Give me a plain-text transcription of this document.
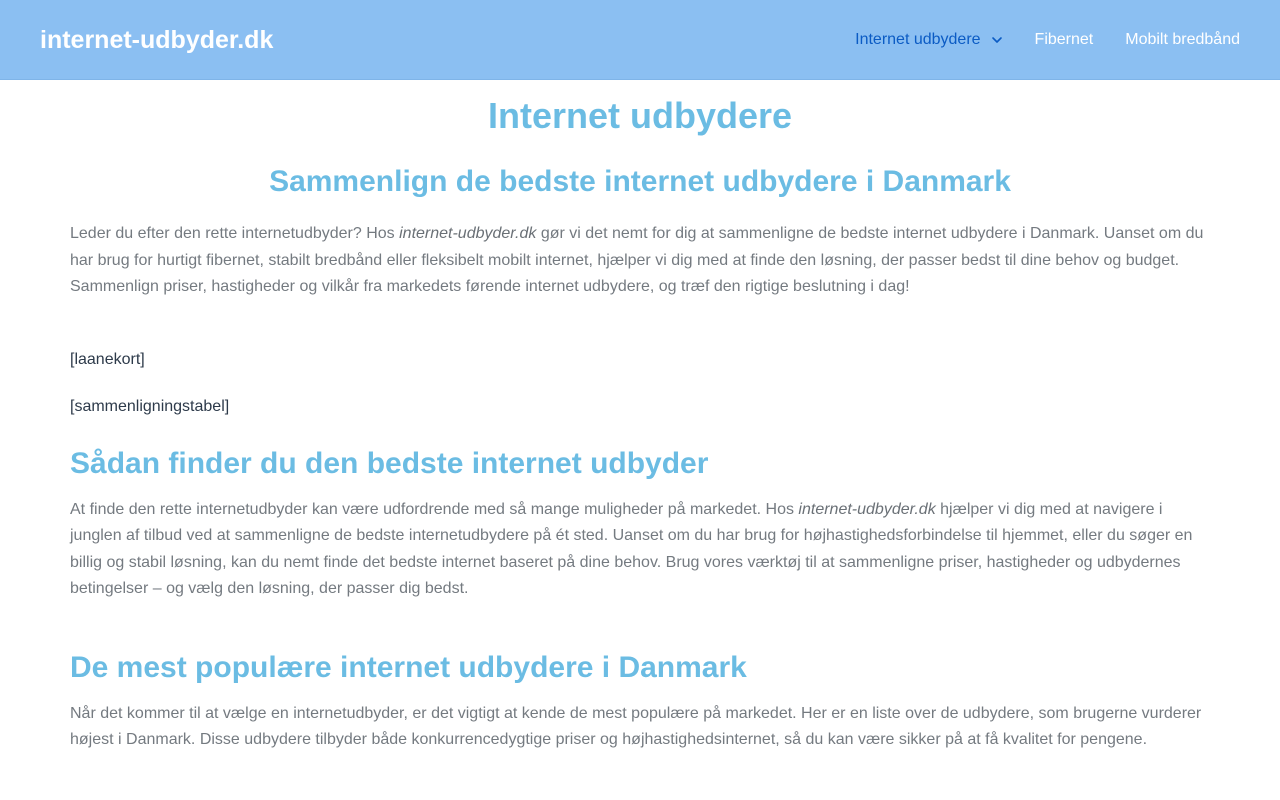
internet-udbyder.dk	Internet udbydere	Fibernet Mobilt bredbånd
Internet udbydere
Sammenlign de bedste internet udbydere i Danmark

Leder du efter den rette internetudbyder? Hos internet-udbyder.dk gør vi det nemt for dig at sammenligne de bedste internet udbydere i Danmark. Uanset om du har brug for hurtigt fibernet, stabilt bredbånd eller fleksibelt mobilt internet, hjælper vi dig med at finde den løsning, der passer bedst til dine behov og budget. Sammenlign priser, hastigheder og vilkår fra markedets førende internet udbydere, og træf den rigtige beslutning i dag!

[laanekort]

[sammenligningstabel]

Sådan finder du den bedste internet udbyder

At finde den rette internetudbyder kan være udfordrende med så mange muligheder på markedet. Hos internet-udbyder.dk hjælper vi dig med at navigere i junglen af tilbud ved at sammenligne de bedste internetudbydere på ét sted. Uanset om du har brug for højhastighedsforbindelse til hjemmet, eller du søger en billig og stabil løsning, kan du nemt finde det bedste internet baseret på dine behov. Brug vores værktøj til at sammenligne priser, hastigheder og udbydernes betingelser – og vælg den løsning, der passer dig bedst.

De mest populære internet udbydere i Danmark

Når det kommer til at vælge en internetudbyder, er det vigtigt at kende de mest populære på markedet. Her er en liste over de udbydere, som brugerne vurderer højest i Danmark. Disse udbydere tilbyder både konkurrencedygtige priser og højhastighedsinternet, så du kan være sikker på at få kvalitet for pengene.
